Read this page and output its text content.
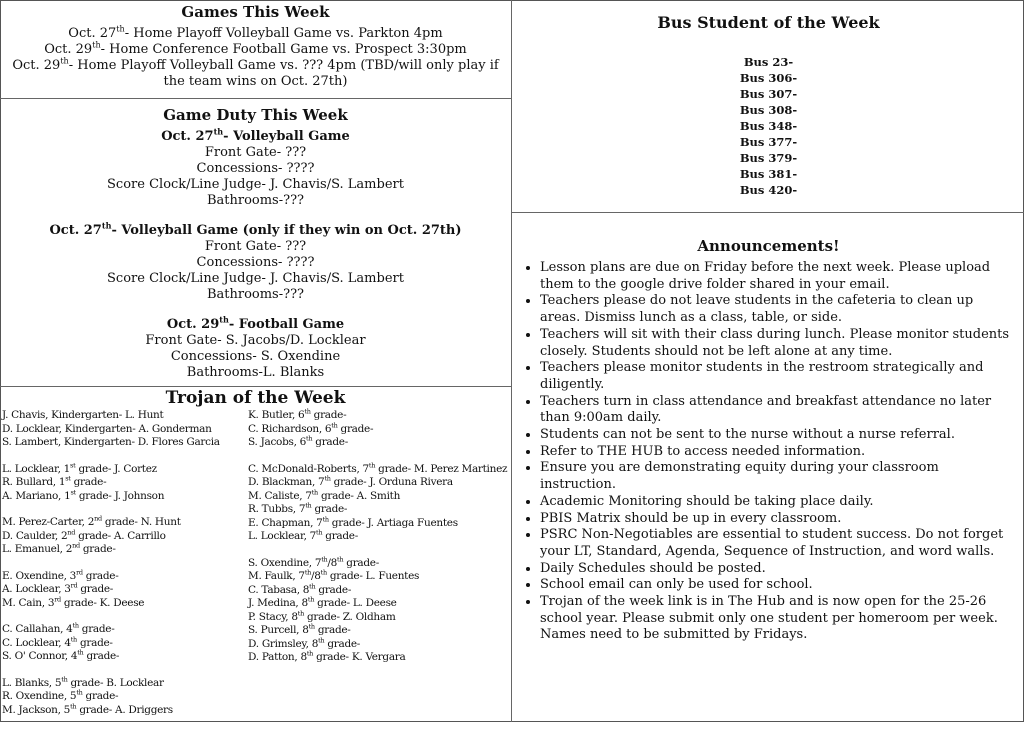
Games This Week
Oct. 27th- Home Playoff Volleyball Game vs. Parkton 4pm
Oct. 29th- Home Conference Football Game vs. Prospect 3:30pm
Oct. 29th- Home Playoff Volleyball Game vs. ??? 4pm (TBD/will only play if the team wins on Oct. 27th)
Game Duty This Week
Oct. 27th- Volleyball Game
Front Gate- ???
Concessions- ????
Score Clock/Line Judge- J. Chavis/S. Lambert
Bathrooms-???
Oct. 27th- Volleyball Game (only if they win on Oct. 27th)
Front Gate- ???
Concessions- ????
Score Clock/Line Judge- J. Chavis/S. Lambert
Bathrooms-???
Oct. 29th- Football Game
Front Gate- S. Jacobs/D. Locklear
Concessions- S. Oxendine
Bathrooms-L. Blanks
Trojan of the Week
J. Chavis, Kindergarten- L. Hunt
D. Locklear, Kindergarten- A. Gonderman
S. Lambert, Kindergarten- D. Flores Garcia
L. Locklear, 1st grade- J. Cortez
R. Bullard, 1st grade-
A. Mariano, 1st grade- J. Johnson
M. Perez-Carter, 2nd grade- N. Hunt
D. Caulder, 2nd grade- A. Carrillo
L. Emanuel, 2nd grade-
E. Oxendine, 3rd grade-
A. Locklear, 3rd grade-
M. Cain, 3rd grade- K. Deese
C. Callahan, 4th grade-
C. Locklear, 4th grade-
S. O' Connor, 4th grade-
L. Blanks, 5th grade- B. Locklear
R. Oxendine, 5th grade-
M. Jackson, 5th grade- A. Driggers
K. Butler, 6th grade-
C. Richardson, 6th grade-
S. Jacobs, 6th grade-
C. McDonald-Roberts, 7th grade- M. Perez Martinez
D. Blackman, 7th grade- J. Orduna Rivera
M. Caliste, 7th grade- A. Smith
R. Tubbs, 7th grade-
E. Chapman, 7th grade- J. Artiaga Fuentes
L. Locklear, 7th grade-
S. Oxendine, 7th/8th grade-
M. Faulk, 7th/8th grade- L. Fuentes
C. Tabasa, 8th grade-
J. Medina, 8th grade- L. Deese
P. Stacy, 8th grade- Z. Oldham
S. Purcell, 8th grade-
D. Grimsley, 8th grade-
D. Patton, 8th grade- K. Vergara
Bus Student of the Week
Bus 23-
Bus 306-
Bus 307-
Bus 308-
Bus 348-
Bus 377-
Bus 379-
Bus 381-
Bus 420-
Announcements!
• Lesson plans are due on Friday before the next week. Please upload them to the google drive folder shared in your email.
• Teachers please do not leave students in the cafeteria to clean up areas. Dismiss lunch as a class, table, or side.
• Teachers will sit with their class during lunch. Please monitor students closely. Students should not be left alone at any time.
• Teachers please monitor students in the restroom strategically and diligently.
• Teachers turn in class attendance and breakfast attendance no later than 9:00am daily.
• Students can not be sent to the nurse without a nurse referral.
• Refer to THE HUB to access needed information.
• Ensure you are demonstrating equity during your classroom instruction.
• Academic Monitoring should be taking place daily.
• PBIS Matrix should be up in every classroom.
• PSRC Non-Negotiables are essential to student success. Do not forget your LT, Standard, Agenda, Sequence of Instruction, and word walls.
• Daily Schedules should be posted.
• School email can only be used for school.
• Trojan of the week link is in The Hub and is now open for the 25-26 school year. Please submit only one student per homeroom per week. Names need to be submitted by Fridays.
